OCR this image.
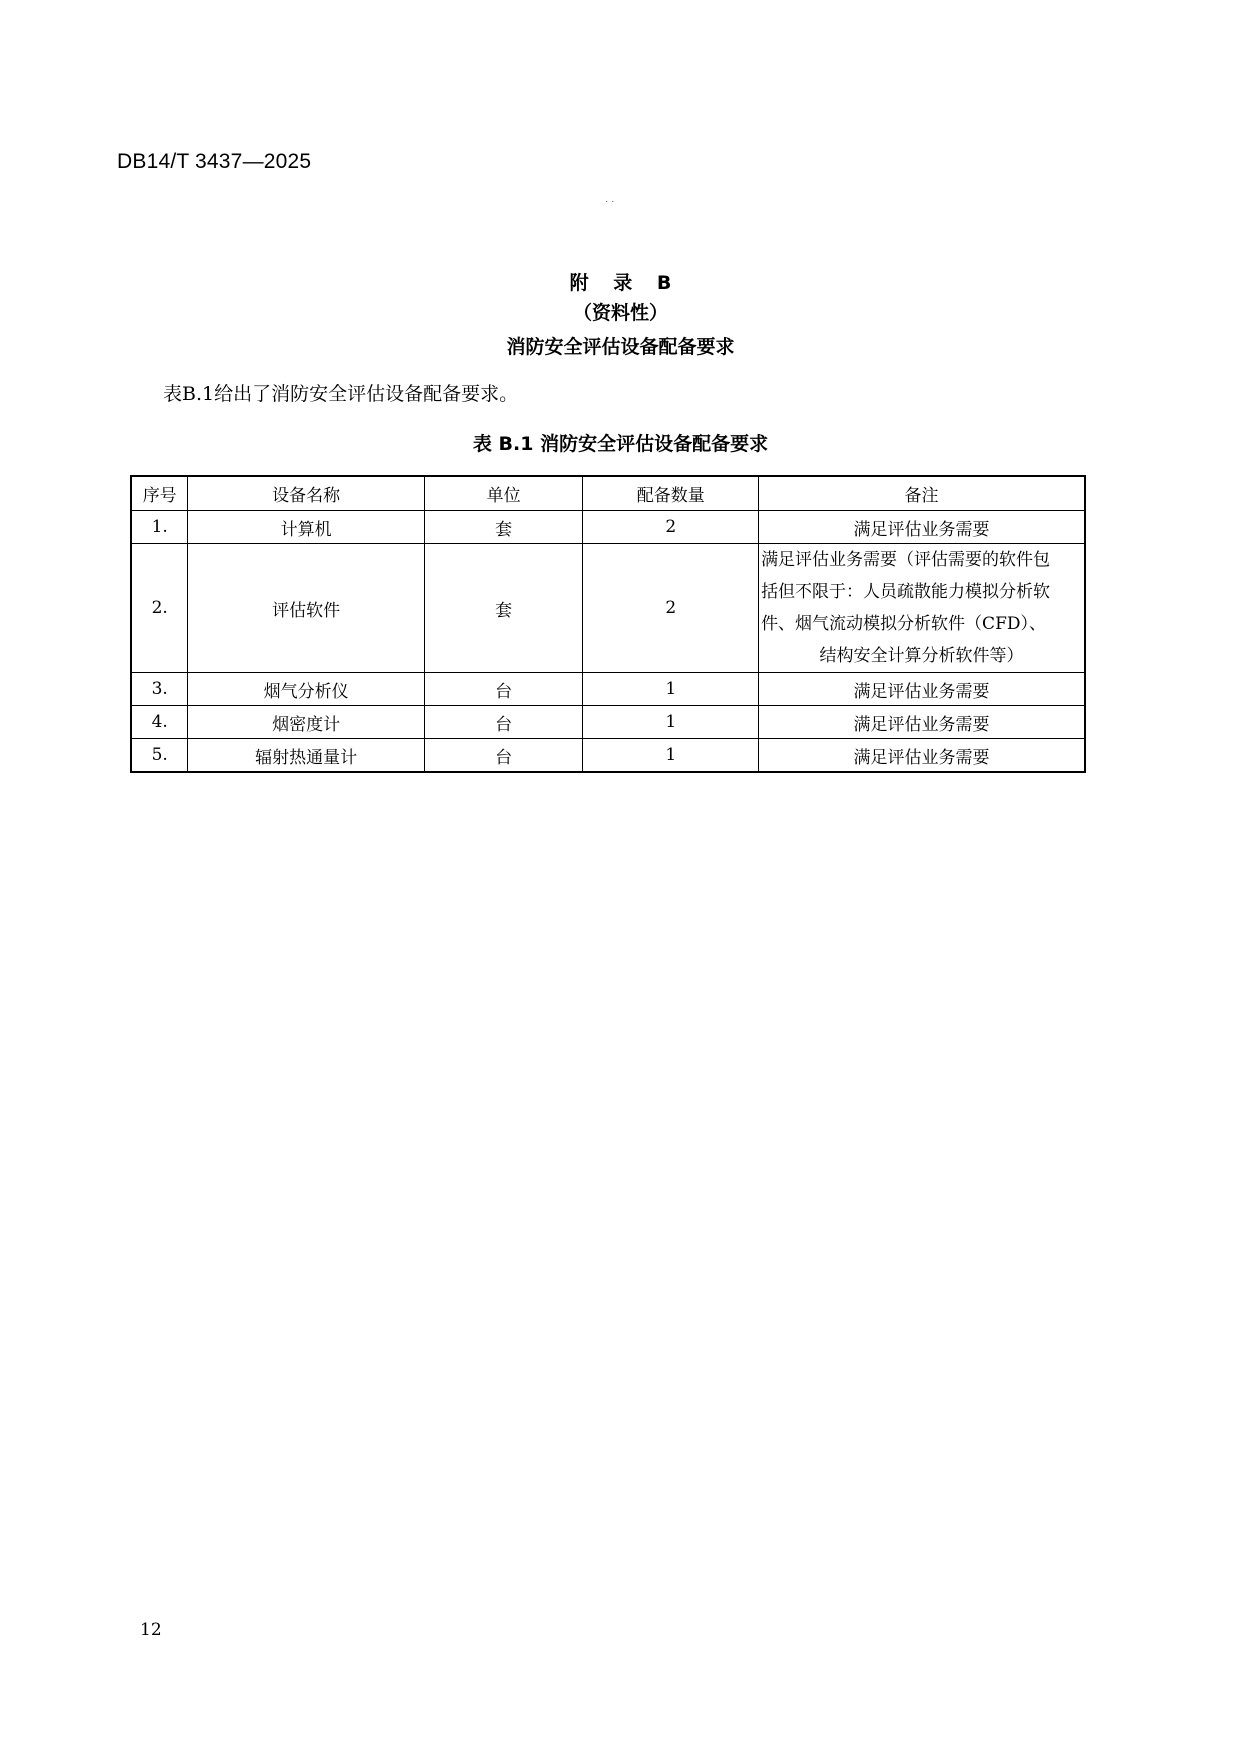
DB14/T 3437—2025
· ·
附 录 B
（资料性）
消防安全评估设备配备要求
表B.1给出了消防安全评估设备配备要求。
表 B.1 消防安全评估设备配备要求
序号	设备名称	单位	配备数量	备注
1.	计算机	套	2	满足评估业务需要
2.	评估软件	套	2	满足评估业务需要（评估需要的软件包
括但不限于：人员疏散能力模拟分析软
件、烟气流动模拟分析软件（CFD）、
结构安全计算分析软件等）

3.	烟气分析仪	台	1	满足评估业务需要
4.	烟密度计	台	1	满足评估业务需要
5.	辐射热通量计	台	1	满足评估业务需要
12
